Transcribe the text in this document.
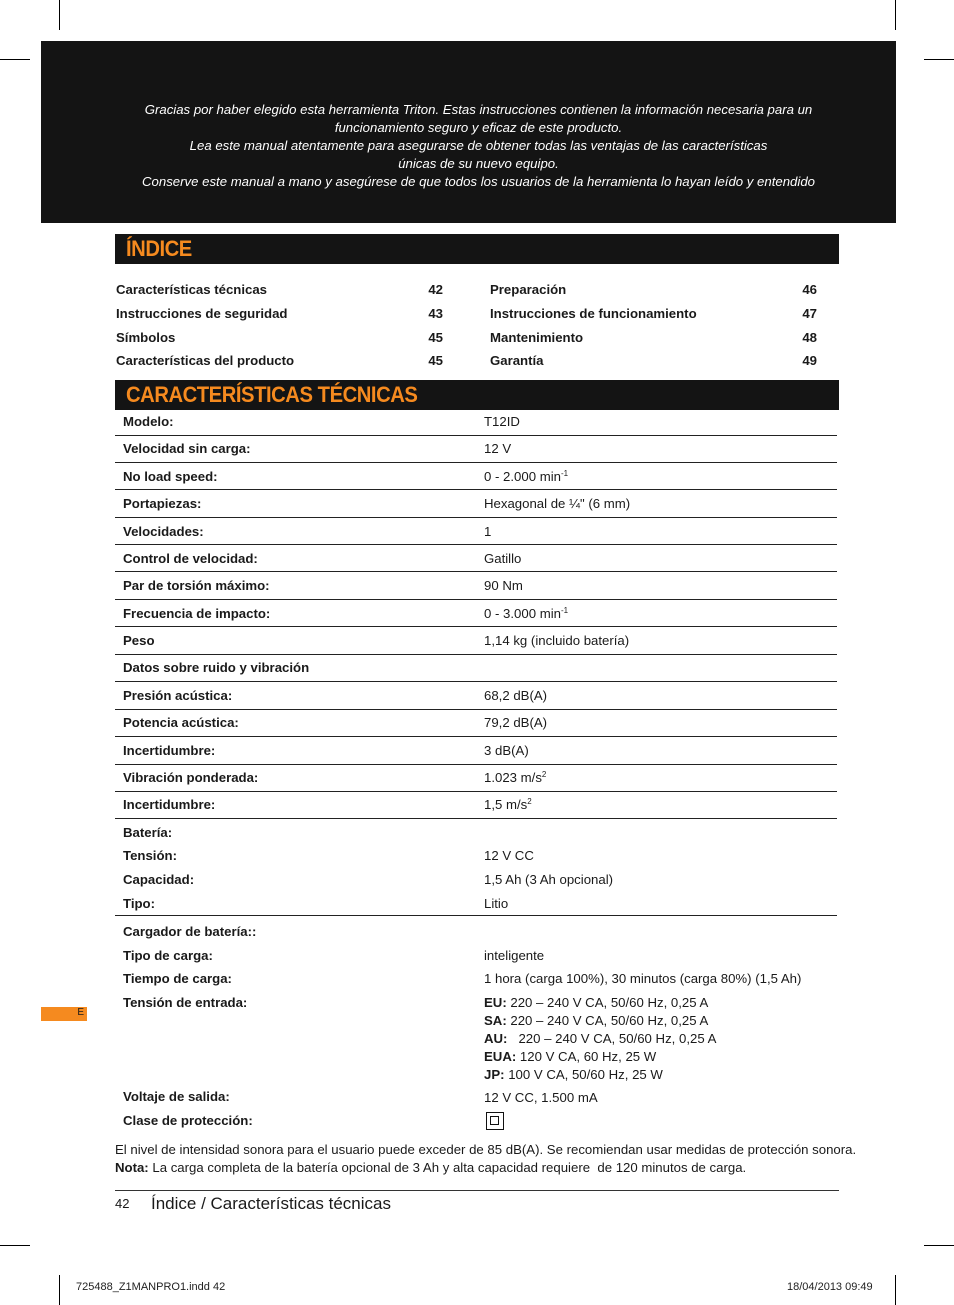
Gracias por haber elegido esta herramienta Triton. Estas instrucciones contienen la información necesaria para un
funcionamiento seguro y eficaz de este producto.
Lea este manual atentamente para asegurarse de obtener todas las ventajas de las características
únicas de su nuevo equipo.
Conserve este manual a mano y asegúrese de que todos los usuarios de la herramienta lo hayan leído y entendido
ÍNDICE
Características técnicas	42
Instrucciones de seguridad	43
Símbolos	45
Características del producto	45
Preparación	46
Instrucciones de funcionamiento	47
Mantenimiento	48
Garantía	49
CARACTERÍSTICAS TÉCNICAS
Modelo:	T12ID
Velocidad sin carga:	12 V
No load speed:	0 - 2.000 $\min^{-1}$
Portapiezas:	Hexagonal de ¼" (6 mm)
Velocidades:	1
Control de velocidad:	Gatillo
Par de torsión máximo:	90 Nm
Frecuencia de impacto:	0 - 3.000 $\min^{-1}$
Peso	1,14 kg (incluido batería)
Datos sobre ruido y vibración
Presión acústica:	68,2 dB(A)
Potencia acústica:	79,2 dB(A)
Incertidumbre:	3 dB(A)
Vibración ponderada:	1.023 $m/s^2$
Incertidumbre:	1,5 $m/s^2$
Batería:
Tensión:	12 V CC
Capacidad:	1,5 Ah (3 Ah opcional)
Tipo:	Litio
Cargador de batería::
Tipo de carga:	inteligente
Tiempo de carga:	1 hora (carga 100%), 30 minutos (carga 80%) (1,5 Ah)
Tensión de entrada:	EU: 220 – 240 V CA, 50/60 Hz, 0,25 A
SA: 220 – 240 V CA, 50/60 Hz, 0,25 A
AU:   220 – 240 V CA, 50/60 Hz, 0,25 A
EUA: 120 V CA, 60 Hz, 25 W
JP: 100 V CA, 50/60 Hz, 25 W
Voltaje de salida:	12 V CC, 1.500 mA
Clase de protección:
El nivel de intensidad sonora para el usuario puede exceder de 85 dB(A). Se recomiendan usar medidas de protección sonora.
Nota: La carga completa de la batería opcional de 3 Ah y alta capacidad requiere  de 120 minutos de carga.
E
42 Índice / Características técnicas
725488_Z1MANPRO1.indd 42	18/04/2013 09:49
